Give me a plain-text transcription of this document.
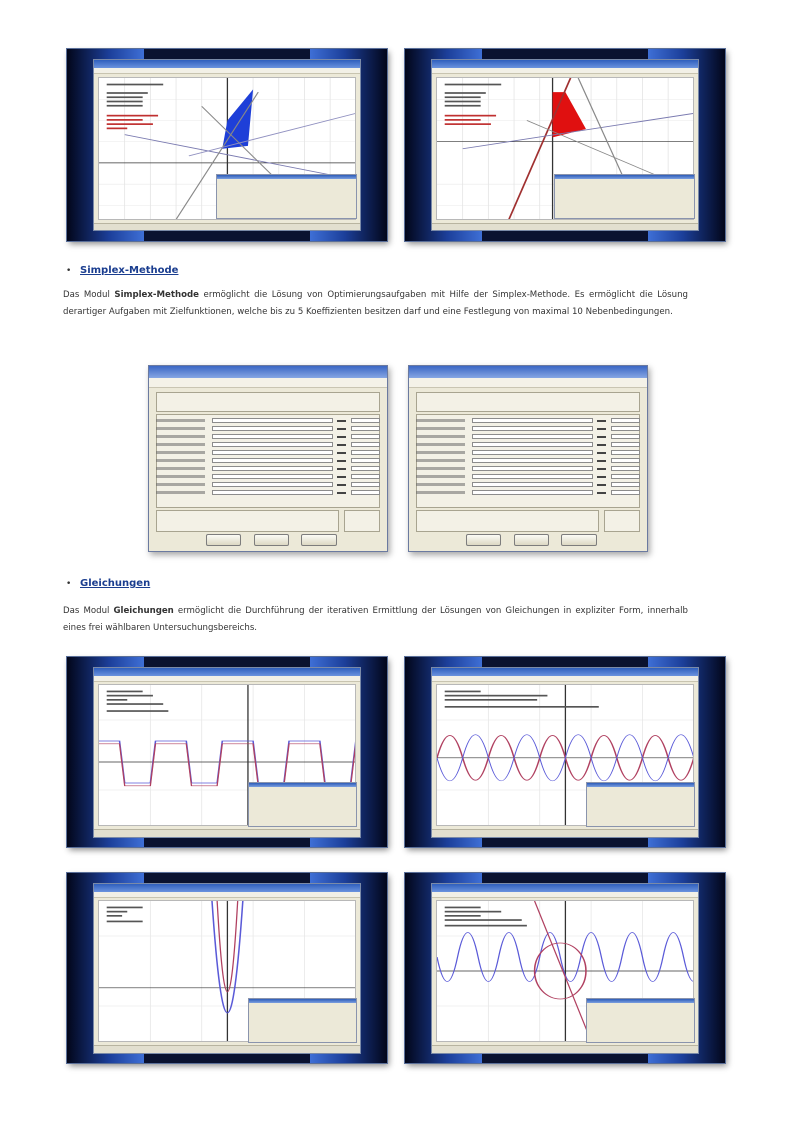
• Simplex-Methode

Das Modul Simplex-Methode ermöglicht die Lösung von Optimierungsaufgaben mit Hilfe der Simplex-Methode. Es ermöglicht die Lösung derartiger Aufgaben mit Zielfunktionen, welche bis zu 5 Koeffizienten besitzen darf und eine Festlegung von maximal 10 Nebenbedingungen.

• Gleichungen

Das Modul Gleichungen ermöglicht die Durchführung der iterativen Ermittlung der Lösungen von Gleichungen in expliziter Form, innerhalb eines frei wählbaren Untersuchungsbereichs.
